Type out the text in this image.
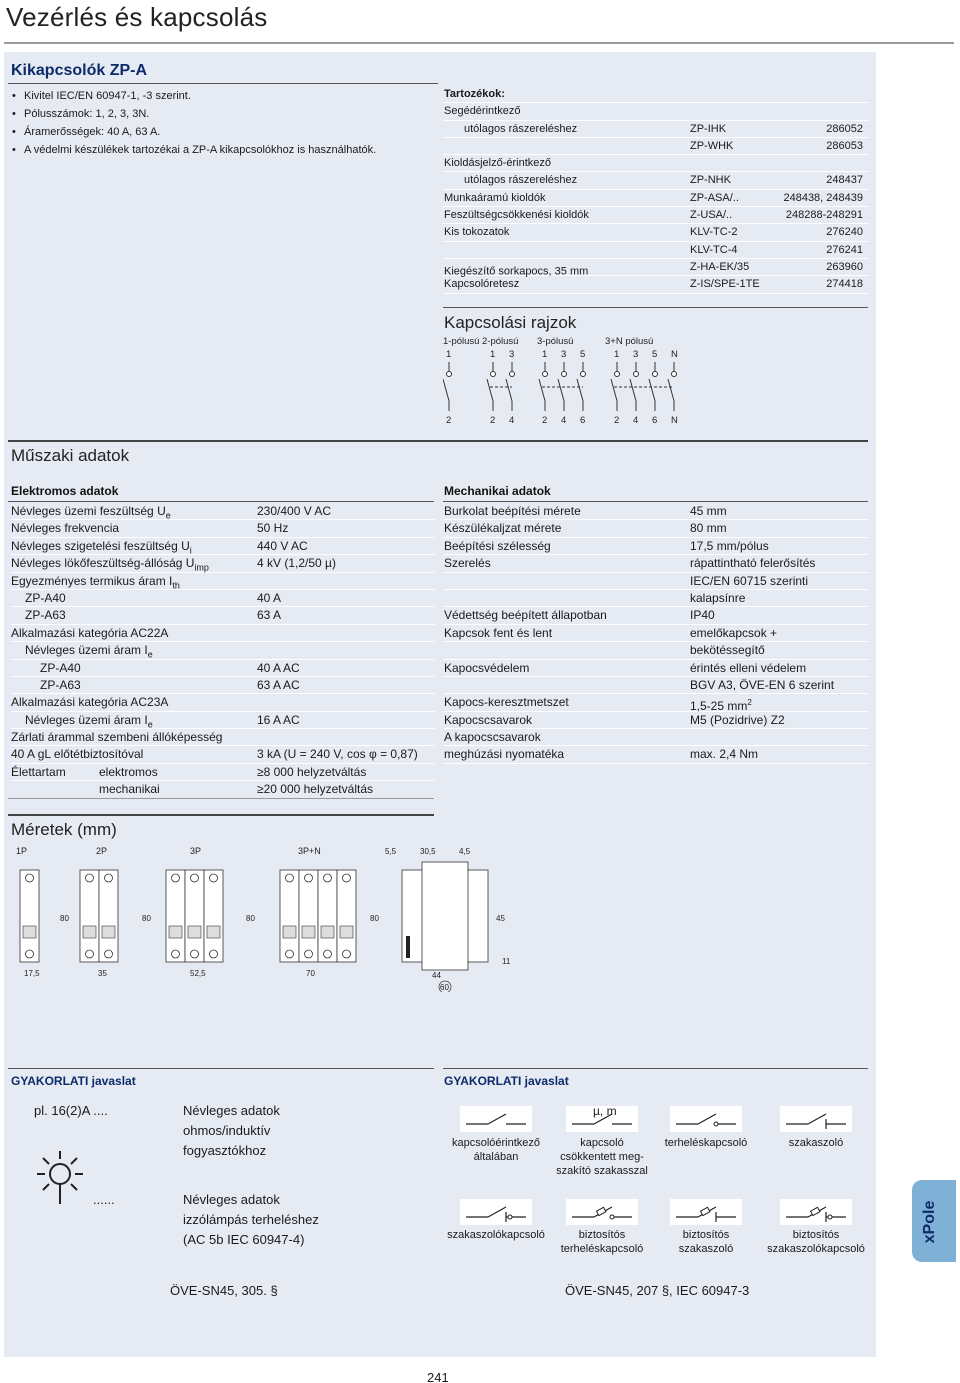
Vezérlés és kapcsolás
Kikapcsolók ZP-A
• Kivitel IEC/EN 60947-1, -3 szerint.
• Pólusszámok: 1, 2, 3, 3N.
• Áramerősségek: 40 A, 63 A.
• A védelmi készülékek tartozékai a ZP-A kikapcsolókhoz is használhatók.
Tartozékok:
Segédérintkező
utólagos rászereléshez	ZP-IHK	286052
ZP-WHK	286053
Kioldásjelző-érintkező
utólagos rászereléshez	ZP-NHK	248437
Munkaáramú kioldók	ZP-ASA/..	248438, 248439
Feszültségcsökkenési kioldók	Z-USA/..	248288-248291
Kis tokozatok	KLV-TC-2	276240
KLV-TC-4	276241
Kiegészítő sorkapocs, 35 mm	Z-HA-EK/35	263960
Kapcsolóretesz	Z-IS/SPE-1TE	274418
Kapcsolási rajzok
1-pólusú 2-pólusú 3-pólusú	3+N pólusú
1
2
1
2
3
4
1
2
3
4
5
6
1
2
3
4
5
6
N
N
Műszaki adatok
Elektromos adatok
Névleges üzemi feszültség $U_e$	230/400 V AC
Névleges frekvencia	50 Hz
Névleges szigetelési feszültség $U_i$	440 V AC
Névleges lökőfeszültség-állóság $U_{imp}$	4 kV (1,2/50 µ)
Egyezményes termikus áram $I_{th}$
ZP-A40	40 A
ZP-A63	63 A
Alkalmazási kategória AC22A
Névleges üzemi áram $I_e$
ZP-A40	40 A AC
ZP-A63	63 A AC
Alkalmazási kategória AC23A
Névleges üzemi áram $I_e$	16 A AC
Zárlati árammal szembeni állóképesség
40 A gL előtétbiztosítóval	3 kA (U = 240 V, cos φ = 0,87)
Élettartam	elektromos	≥8 000 helyzetváltás
mechanikai	≥20 000 helyzetváltás
Mechanikai adatok
Burkolat beépítési mérete	45 mm
Készülékaljzat mérete	80 mm
Beépítési szélesség	17,5 mm/pólus
Szerelés	rápattintható felerősítés
IEC/EN 60715 szerinti
kalapsínre
Védettség beépített állapotban	IP40
Kapcsok fent és lent	emelőkapcsok +
bekötéssegítő
Kapocsvédelem	érintés elleni védelem
BGV A3, ÖVE-EN 6 szerint
Kapocs-keresztmetszet	1,5-25 $mm^2$
Kapocscsavarok	M5 (Pozidrive) Z2
A kapocscsavarok
meghúzási nyomatéka	max. 2,4 Nm
Méretek (mm)
1P	2P	3P	3P+N
80	80	80	80	45
17,5	35	52,5	70	44
60
5,5	30,5	4,5
11
GYAKORLATI javaslat
pl. 16(2)A ....	Névleges adatok
ohmos/induktív
fogyasztókhoz
......	Névleges adatok
izzólámpás terheléshez
(AC 5b IEC 60947-4)
ÖVE-SN45, 305. §
GYAKORLATI javaslat
kapcsolóérintkező
általában
µ, m
kapcsoló
csökkentett meg-
szakító szakasszal
terheléskapcsoló	szakaszoló
szakaszolókapcsoló	biztosítós
terheléskapcsoló
biztosítós
szakaszoló
biztosítós
szakaszolókapcsoló
ÖVE-SN45, 207 §, IEC 60947-3
xPole
241
